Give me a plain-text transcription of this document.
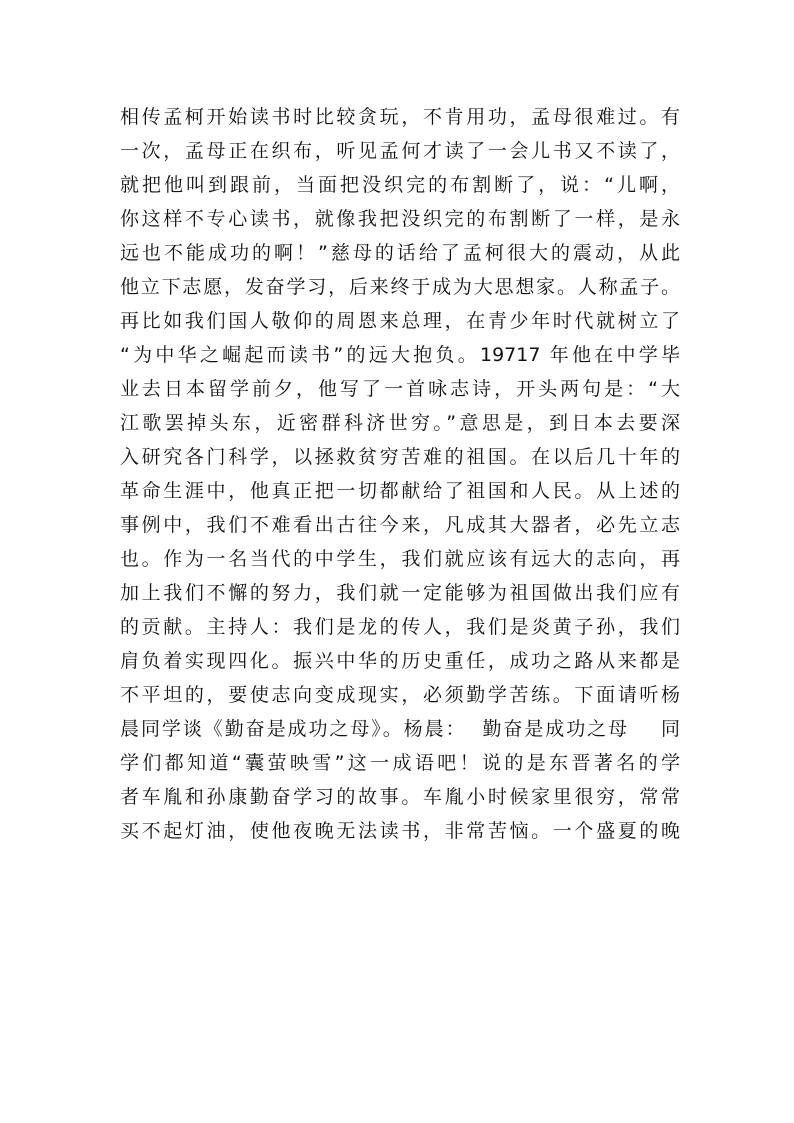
相传孟柯开始读书时比较贪玩，不肯用功，孟母很难过。有
一次，孟母正在织布，听见孟何才读了一会儿书又不读了，
就把他叫到跟前，当面把没织完的布割断了，说：“儿啊，
你这样不专心读书，就像我把没织完的布割断了一样，是永
远也不能成功的啊！”慈母的话给了孟柯很大的震动，从此
他立下志愿，发奋学习，后来终于成为大思想家。人称孟子。
再比如我们国人敬仰的周恩来总理，在青少年时代就树立了
“为中华之崛起而读书”的远大抱负。19717 年他在中学毕
业去日本留学前夕，他写了一首咏志诗，开头两句是：“大
江歌罢掉头东，近密群科济世穷。”意思是，到日本去要深
入研究各门科学，以拯救贫穷苦难的祖国。在以后几十年的
革命生涯中，他真正把一切都献给了祖国和人民。从上述的
事例中，我们不难看出古往今来，凡成其大器者，必先立志
也。作为一名当代的中学生，我们就应该有远大的志向，再
加上我们不懈的努力，我们就一定能够为祖国做出我们应有
的贡献。主持人：我们是龙的传人，我们是炎黄子孙，我们
肩负着实现四化。振兴中华的历史重任，成功之路从来都是
不平坦的，要使志向变成现实，必须勤学苦练。下面请听杨
晨同学谈《勤奋是成功之母》。杨晨：  勤奋是成功之母    同
学们都知道“囊萤映雪”这一成语吧！说的是东晋著名的学
者车胤和孙康勤奋学习的故事。车胤小时候家里很穷，常常
买不起灯油，使他夜晚无法读书，非常苦恼。一个盛夏的晚
